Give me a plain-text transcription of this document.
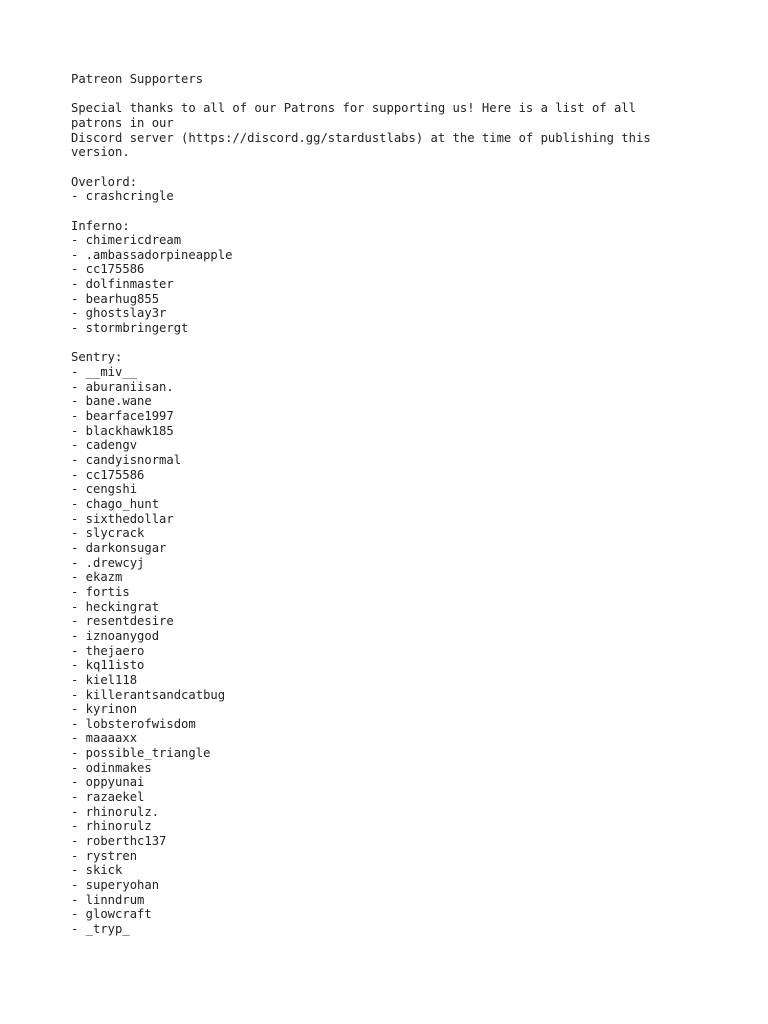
Patreon Supporters
Special thanks to all of our Patrons for supporting us! Here is a list of all
patrons in our
Discord server (https://discord.gg/stardustlabs) at the time of publishing this
version.
Overlord:
- crashcringle
Inferno:
- chimericdream
- .ambassadorpineapple
- cc175586
- dolfinmaster
- bearhug855
- ghostslay3r
- stormbringergt
Sentry:
- __miv__
- aburaniisan.
- bane.wane
- bearface1997
- blackhawk185
- cadengv
- candyisnormal
- cc175586
- cengshi
- chago_hunt
- sixthedollar
- slycrack
- darkonsugar
- .drewcyj
- ekazm
- fortis
- heckingrat
- resentdesire
- iznoanygod
- thejaero
- kq11isto
- kiel118
- killerantsandcatbug
- kyrinon
- lobsterofwisdom
- maaaaxx
- possible_triangle
- odinmakes
- oppyunai
- razaekel
- rhinorulz.
- rhinorulz
- roberthc137
- rystren
- skick
- superyohan
- linndrum
- glowcraft
- _tryp_
